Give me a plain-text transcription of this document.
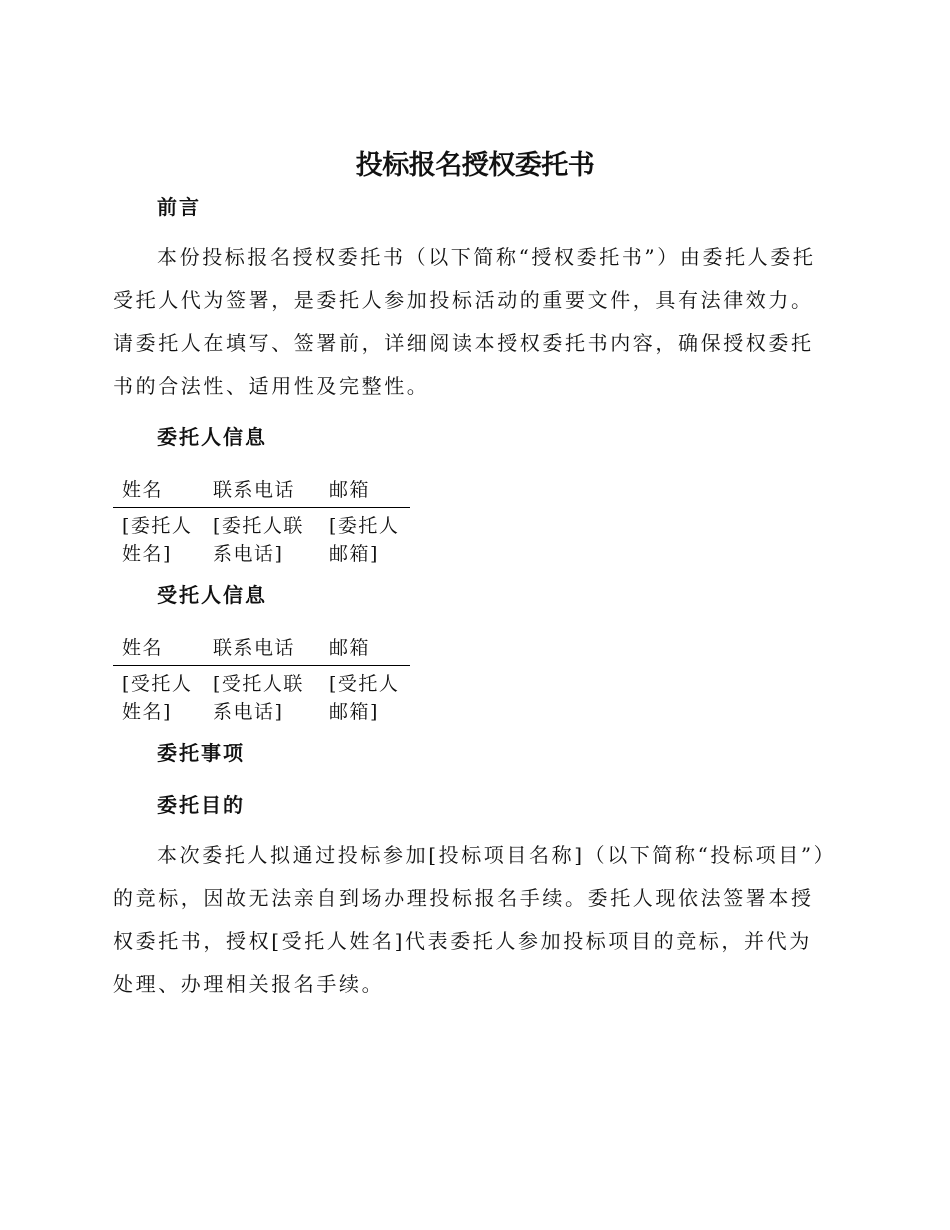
投标报名授权委托书
前言

本份投标报名授权委托书（以下简称“授权委托书”）由委托人委托受托人代为签署，是委托人参加投标活动的重要文件，具有法律效力。请委托人在填写、签署前，详细阅读本授权委托书内容，确保授权委托书的合法性、适用性及完整性。

委托人信息
姓名	联系电话	邮箱
[委托人姓名]	[委托人联系电话]	[委托人邮箱]
受托人信息
姓名	联系电话	邮箱
[受托人姓名]	[受托人联系电话]	[受托人邮箱]
委托事项
委托目的

本次委托人拟通过投标参加[投标项目名称]（以下简称“投标项目”）的竞标，因故无法亲自到场办理投标报名手续。委托人现依法签署本授权委托书，授权[受托人姓名]代表委托人参加投标项目的竞标，并代为处理、办理相关报名手续。
